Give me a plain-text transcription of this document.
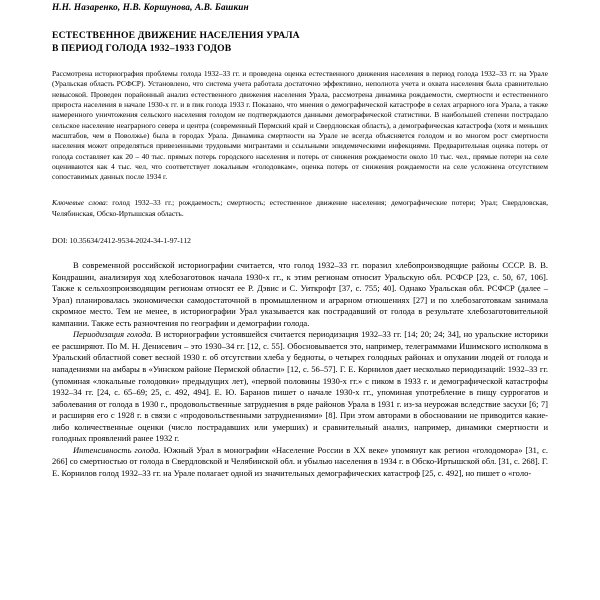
Н.Н. Назаренко, Н.В. Коршунова, А.В. Башкин
ЕСТЕСТВЕННОЕ ДВИЖЕНИЕ НАСЕЛЕНИЯ УРАЛА
В ПЕРИОД ГОЛОДА 1932–1933 ГОДОВ

Рассмотрена историография проблемы голода 1932–33 гг. и проведена оценка естественного движения населения в период голода 1932–33 гг. на Урале (Уральская область РСФСР). Установлено, что система учета работала достаточно эффективно, неполнота учета и охвата населения была сравнительно невысокой. Проведен порайонный анализ естественного движения населения Урала, рассмотрена динамика рождаемости, смертности и естественного прироста населения в начале 1930-х гг. и в пик голода 1933 г. Показано, что мнения о демографической катастрофе в селах аграрного юга Урала, а также намеренного уничтожения сельского населения голодом не подтверждаются данными демографической статистики. В наибольшей степени пострадало сельское население неаграрного севера и центра (современный Пермский край и Свердловская область), а демографическая катастрофа (хотя и меньших масштабов, чем в Поволжье) была в городах Урала. Динамика смертности на Урале не всегда объясняется голодом и во многом рост смертности населения может определяться привезенными трудовыми мигрантами и ссыльными эпидемическими инфекциями. Предварительная оценка потерь от голода составляет как 20 – 40 тыс. прямых потерь городского населения и потерь от снижения рождаемости около 10 тыс. чел., прямые потери на селе оцениваются как 4 тыс. чел, что соответствует локальным «голодовкам», оценка потерь от снижения рождаемости на селе усложнена отсутствием сопоставимых данных после 1934 г.

Ключевые слова: голод 1932–33 гг.; рождаемость; смертность; естественное движение населения; демографические потери; Урал; Свердловская, Челябинская, Обско-Иртышская область.

DOI: 10.35634/2412-9534-2024-34-1-97-112

В современной российской историографии считается, что голод 1932–33 гг. поразил хлебопроизводящие районы СССР. В. В. Кондрашин, анализируя ход хлебозаготовок начала 1930-х гг., к этим регионам относит Уральскую обл. РСФСР [23, с. 50, 67, 106]. Также к сельхозпроизводящим регионам относят ее Р. Дэвис и С. Уиткрофт [37, с. 755; 40]. Однако Уральская обл. РСФСР (далее – Урал) планировалась экономически самодостаточной в промышленном и аграрном отношениях [27] и по хлебозаготовкам занимала скромное место. Тем не менее, в историографии Урал указывается как пострадавший от голода в результате хлебозаготовительной кампании. Также есть разночтения по географии и демографии голода.

Периодизация голода. В историографии устоявшейся считается периодизация 1932–33 гг. [14; 20; 24; 34], но уральские историки ее расширяют. По М. Н. Денисевич – это 1930–34 гг. [12, с. 55]. Обосновывается это, например, телеграммами Ишимского исполкома в Уральский областной совет весной 1930 г. об отсутствии хлеба у бедноты, о четырех голодных районах и опухании людей от голода и нападениями на амбары в «Уинском районе Пермской области» [12, с. 56–57]. Г. Е. Корнилов дает несколько периодизаций: 1932–33 гг. (упоминая «локальные голодовки» предыдущих лет), «первой половины 1930-х гг.» с пиком в 1933 г. и демографической катастрофы 1932–34 гг. [24, с. 65–69; 25, с. 492, 494]. Е. Ю. Баранов пишет о начале 1930-х гг., упоминая употребление в пищу суррогатов и заболевания от голода в 1930 г., продовольственные затруднения в ряде районов Урала в 1931 г. из-за неурожая вследствие засухи [6; 7] и расширяя его с 1928 г. в связи с «продовольственными затруднениями» [8]. При этом авторами в обосновании не приводится какие-либо количественные оценки (число пострадавших или умерших) и сравнительный анализ, например, динамики смертности и голодных проявлений ранее 1932 г.

Интенсивность голода. Южный Урал в монографии «Население России в ХХ веке» упомянут как регион «голодомора» [31, с. 266] со смертностью от голода в Свердловской и Челябинской обл. и убылью населения в 1934 г. в Обско-Иртышской обл. [31, с. 268]. Г. Е. Корнилов голод 1932–33 гг. на Урале полагает одной из значительных демографических катастроф [25, с. 492], но пишет о «голо-
